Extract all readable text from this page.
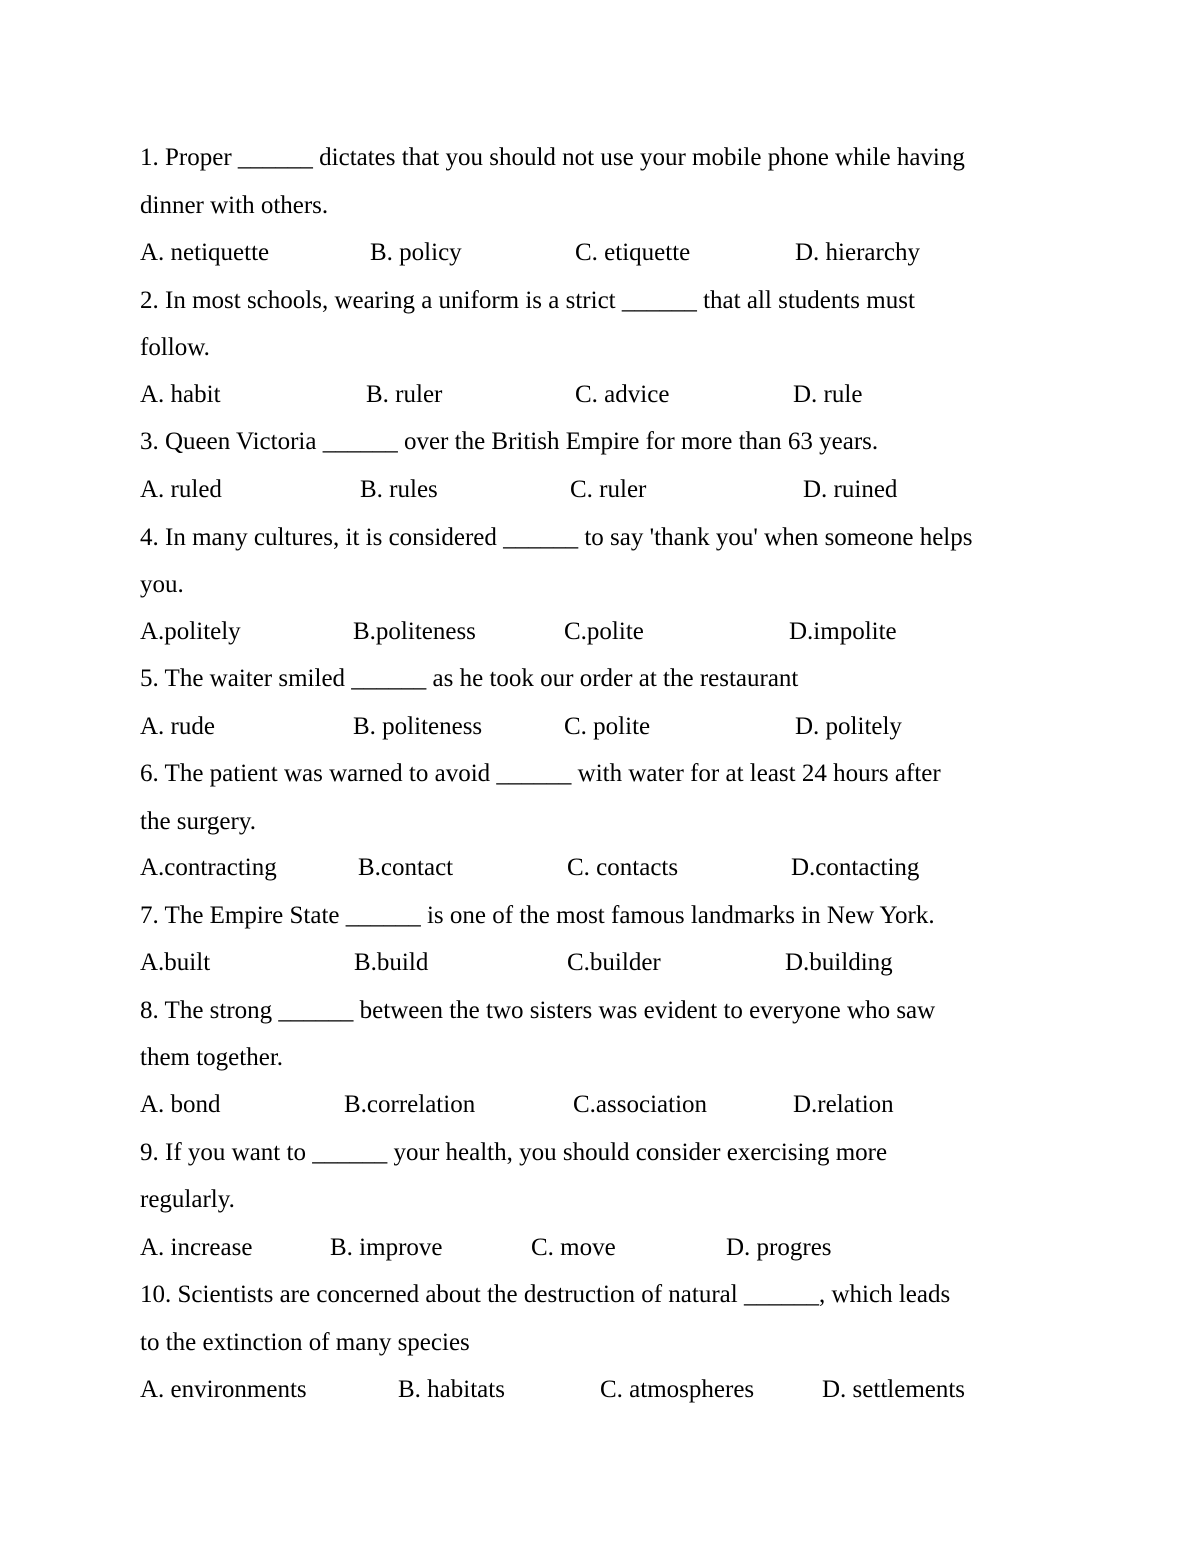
1. Proper ______ dictates that you should not use your mobile phone while having
dinner with others.
A. netiquette	B. policy	C. etiquette	D. hierarchy
2. In most schools, wearing a uniform is a strict ______ that all students must
follow.
A. habit	B. ruler	C. advice	D. rule
3. Queen Victoria ______ over the British Empire for more than 63 years.
A. ruled	B. rules	C. ruler	D. ruined
4. In many cultures, it is considered ______ to say 'thank you' when someone helps
you.
A.politely	B.politeness	C.polite	D.impolite
5. The waiter smiled ______ as he took our order at the restaurant
A. rude	B. politeness	C. polite	D. politely
6. The patient was warned to avoid ______ with water for at least 24 hours after
the surgery.
A.contracting	B.contact	C. contacts	D.contacting
7. The Empire State ______ is one of the most famous landmarks in New York.
A.built	B.build	C.builder	D.building
8. The strong ______ between the two sisters was evident to everyone who saw
them together.
A. bond	B.correlation	C.association	D.relation
9. If you want to ______ your health, you should consider exercising more
regularly.
A. increase	B. improve	C. move	D. progres
10. Scientists are concerned about the destruction of natural ______, which leads
to the extinction of many species
A. environments	B. habitats	C. atmospheres	D. settlements
